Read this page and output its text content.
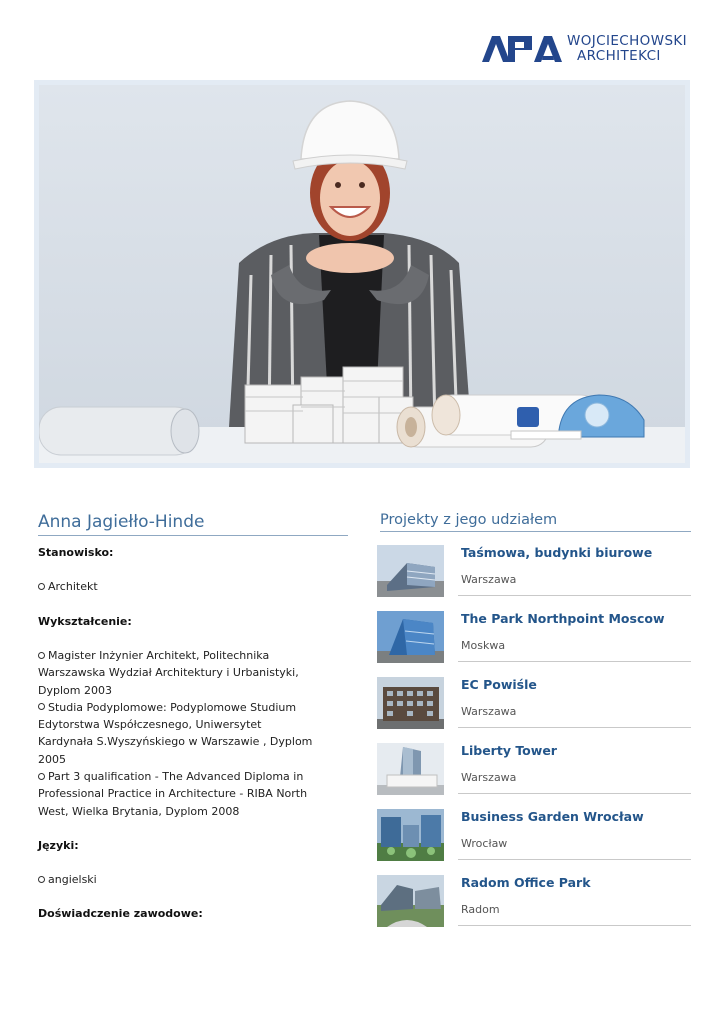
WOJCIECHOWSKI
ARCHITEKCI
Anna Jagiełło-Hinde
Stanowisko:
Architekt
Wykształcenie:
Magister Inżynier Architekt, Politechnika
Warszawska Wydział Architektury i Urbanistyki,
Dyplom 2003
Studia Podyplomowe: Podyplomowe Studium
Edytorstwa Współczesnego, Uniwersytet
Kardynała S.Wyszyńskiego w Warszawie , Dyplom
2005
Part 3 qualification - The Advanced Diploma in
Professional Practice in Architecture - RIBA North
West, Wielka Brytania, Dyplom 2008
Języki:
angielski
Doświadczenie zawodowe:
Projekty z jego udziałem
Taśmowa, budynki biurowe
Warszawa
The Park Northpoint Moscow
Moskwa
EC Powiśle
Warszawa
Liberty Tower
Warszawa
Business Garden Wrocław
Wrocław
Radom Office Park
Radom
